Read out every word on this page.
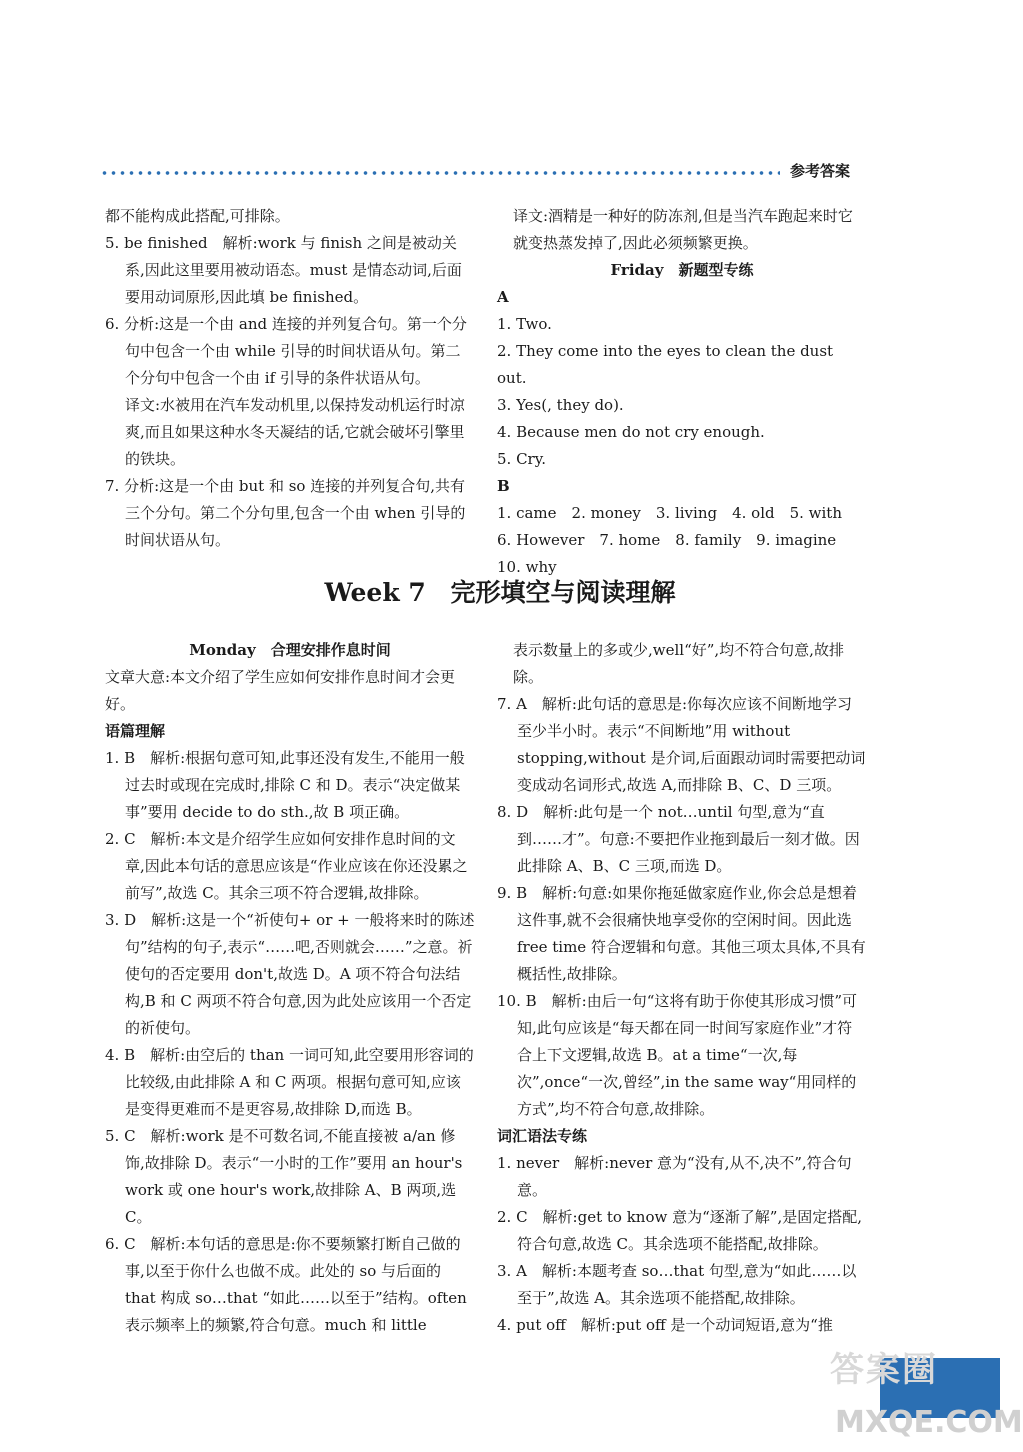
参考答案

都不能构成此搭配,可排除。

5. be finished　解析:work 与 finish 之间是被动关系,因此这里要用被动语态。must 是情态动词,后面要用动词原形,因此填 be finished。

6. 分析:这是一个由 and 连接的并列复合句。第一个分句中包含一个由 while 引导的时间状语从句。第二个分句中包含一个由 if 引导的条件状语从句。

译文:水被用在汽车发动机里,以保持发动机运行时凉爽,而且如果这种水冬天凝结的话,它就会破坏引擎里的铁块。

7. 分析:这是一个由 but 和 so 连接的并列复合句,共有三个分句。第二个分句里,包含一个由 when 引导的时间状语从句。

译文:酒精是一种好的防冻剂,但是当汽车跑起来时它就变热蒸发掉了,因此必须频繁更换。

Friday　新题型专练

A

1. Two.

2. They come into the eyes to clean the dust out.

3. Yes(, they do).

4. Because men do not cry enough.

5. Cry.

B

1. came　2. money　3. living　4. old　5. with

6. However　7. home　8. family　9. imagine

10. why

Week 7 完形填空与阅读理解

Monday　合理安排作息时间

文章大意:本文介绍了学生应如何安排作息时间才会更好。

语篇理解

1. B　解析:根据句意可知,此事还没有发生,不能用一般过去时或现在完成时,排除 C 和 D。表示“决定做某事”要用 decide to do sth.,故 B 项正确。

2. C　解析:本文是介绍学生应如何安排作息时间的文章,因此本句话的意思应该是“作业应该在你还没累之前写”,故选 C。其余三项不符合逻辑,故排除。

3. D　解析:这是一个“祈使句+ or + 一般将来时的陈述句”结构的句子,表示“……吧,否则就会……”之意。祈使句的否定要用 don't,故选 D。A 项不符合句法结构,B 和 C 两项不符合句意,因为此处应该用一个否定的祈使句。

4. B　解析:由空后的 than 一词可知,此空要用形容词的比较级,由此排除 A 和 C 两项。根据句意可知,应该是变得更难而不是更容易,故排除 D,而选 B。

5. C　解析:work 是不可数名词,不能直接被 a/an 修饰,故排除 D。表示“一小时的工作”要用 an hour's work 或 one hour's work,故排除 A、B 两项,选 C。

6. C　解析:本句话的意思是:你不要频繁打断自己做的事,以至于你什么也做不成。此处的 so 与后面的 that 构成 so…that “如此……以至于”结构。often 表示频率上的频繁,符合句意。much 和 little

表示数量上的多或少,well“好”,均不符合句意,故排除。

7. A　解析:此句话的意思是:你每次应该不间断地学习至少半小时。表示“不间断地”用 without stopping,without 是介词,后面跟动词时需要把动词变成动名词形式,故选 A,而排除 B、C、D 三项。

8. D　解析:此句是一个 not…until 句型,意为“直到……才”。句意:不要把作业拖到最后一刻才做。因此排除 A、B、C 三项,而选 D。

9. B　解析:句意:如果你拖延做家庭作业,你会总是想着这件事,就不会很痛快地享受你的空闲时间。因此选 free time 符合逻辑和句意。其他三项太具体,不具有概括性,故排除。

10. B　解析:由后一句“这将有助于你使其形成习惯”可知,此句应该是“每天都在同一时间写家庭作业”才符合上下文逻辑,故选 B。at a time“一次,每次”,once“一次,曾经”,in the same way“用同样的方式”,均不符合句意,故排除。

词汇语法专练

1. never　解析:never 意为“没有,从不,决不”,符合句意。

2. C　解析:get to know 意为“逐渐了解”,是固定搭配,符合句意,故选 C。其余选项不能搭配,故排除。

3. A　解析:本题考查 so…that 句型,意为“如此……以至于”,故选 A。其余选项不能搭配,故排除。

4. put off　解析:put off 是一个动词短语,意为“推

答案圈
MXQE.COM
